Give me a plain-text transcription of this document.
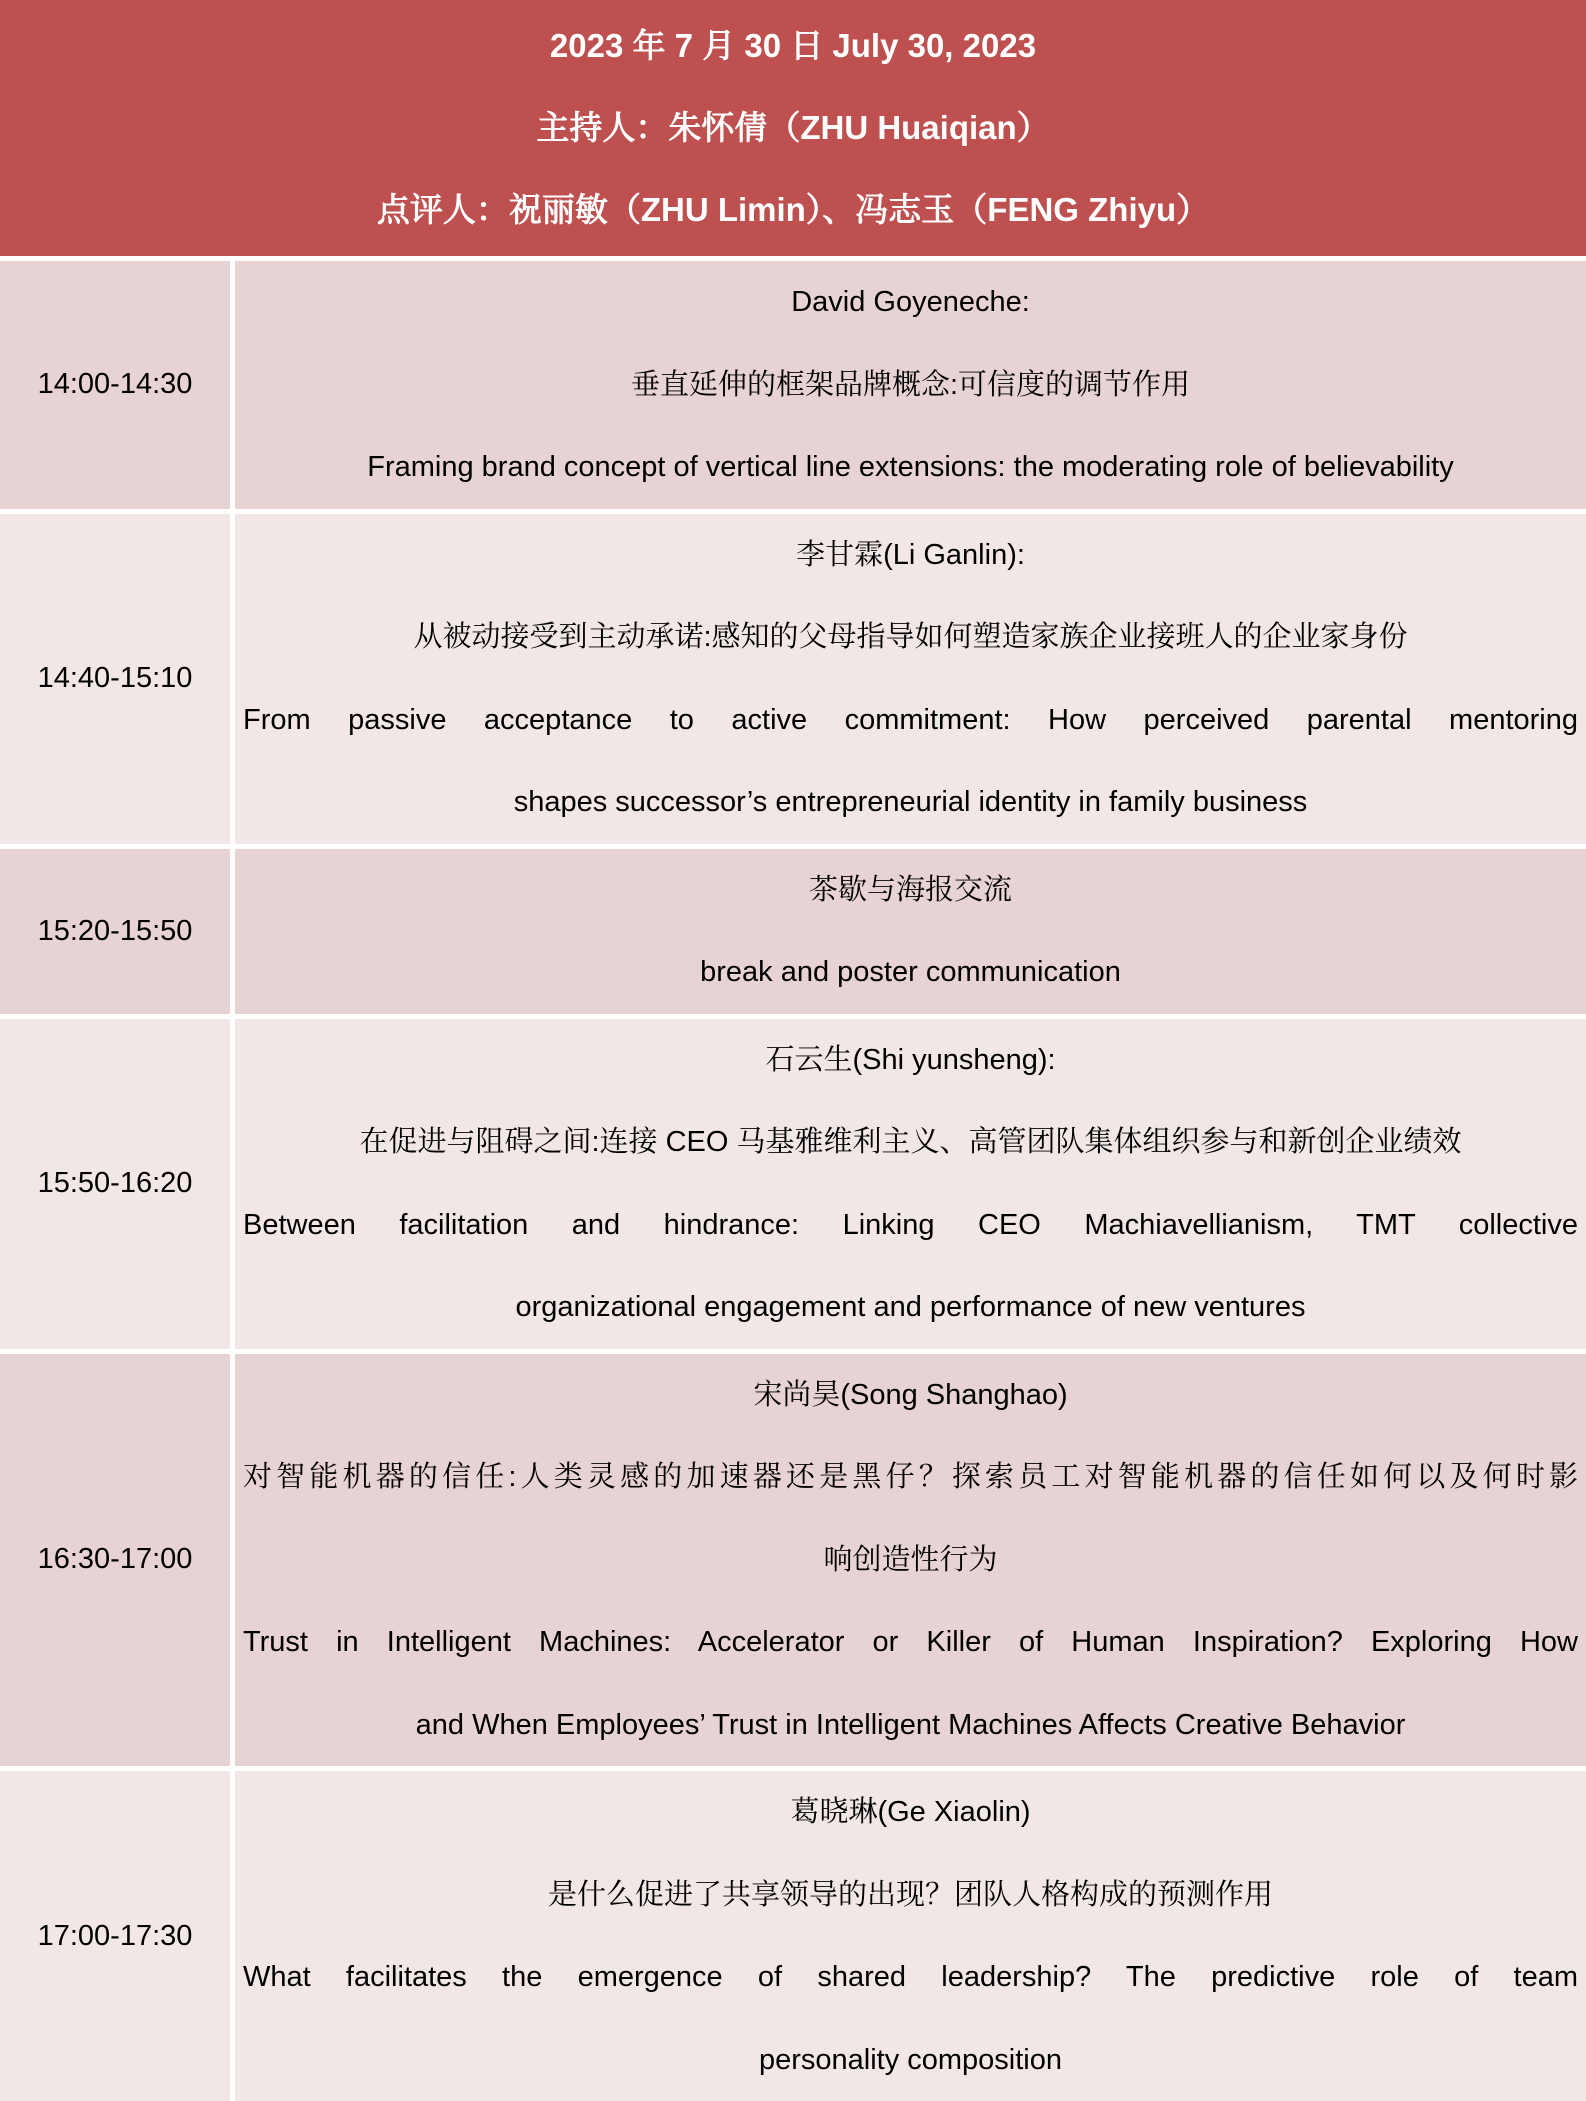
2023 年 7 月 30 日 July 30, 2023
主持人：朱怀倩（ZHU Huaiqian）
点评人：祝丽敏（ZHU Limin）、冯志玉（FENG Zhiyu）
14:00-14:30
David Goyeneche:
垂直延伸的框架品牌概念:可信度的调节作用
Framing brand concept of vertical line extensions: the moderating role of believability
14:40-15:10
李甘霖(Li Ganlin):
从被动接受到主动承诺:感知的父母指导如何塑造家族企业接班人的企业家身份
From passive acceptance to active commitment: How perceived parental mentoring
shapes successor’s entrepreneurial identity in family business
15:20-15:50
茶歇与海报交流
break and poster communication
15:50-16:20
石云生(Shi yunsheng):
在促进与阻碍之间:连接 CEO 马基雅维利主义、高管团队集体组织参与和新创企业绩效
Between facilitation and hindrance: Linking CEO Machiavellianism, TMT collective
organizational engagement and performance of new ventures
16:30-17:00
宋尚昊(Song Shanghao)
对智能机器的信任:人类灵感的加速器还是黑仔？探索员工对智能机器的信任如何以及何时影
响创造性行为
Trust in Intelligent Machines: Accelerator or Killer of Human Inspiration? Exploring How
and When Employees’ Trust in Intelligent Machines Affects Creative Behavior
17:00-17:30
葛晓琳(Ge Xiaolin)
是什么促进了共享领导的出现？团队人格构成的预测作用
What facilitates the emergence of shared leadership? The predictive role of team
personality composition
